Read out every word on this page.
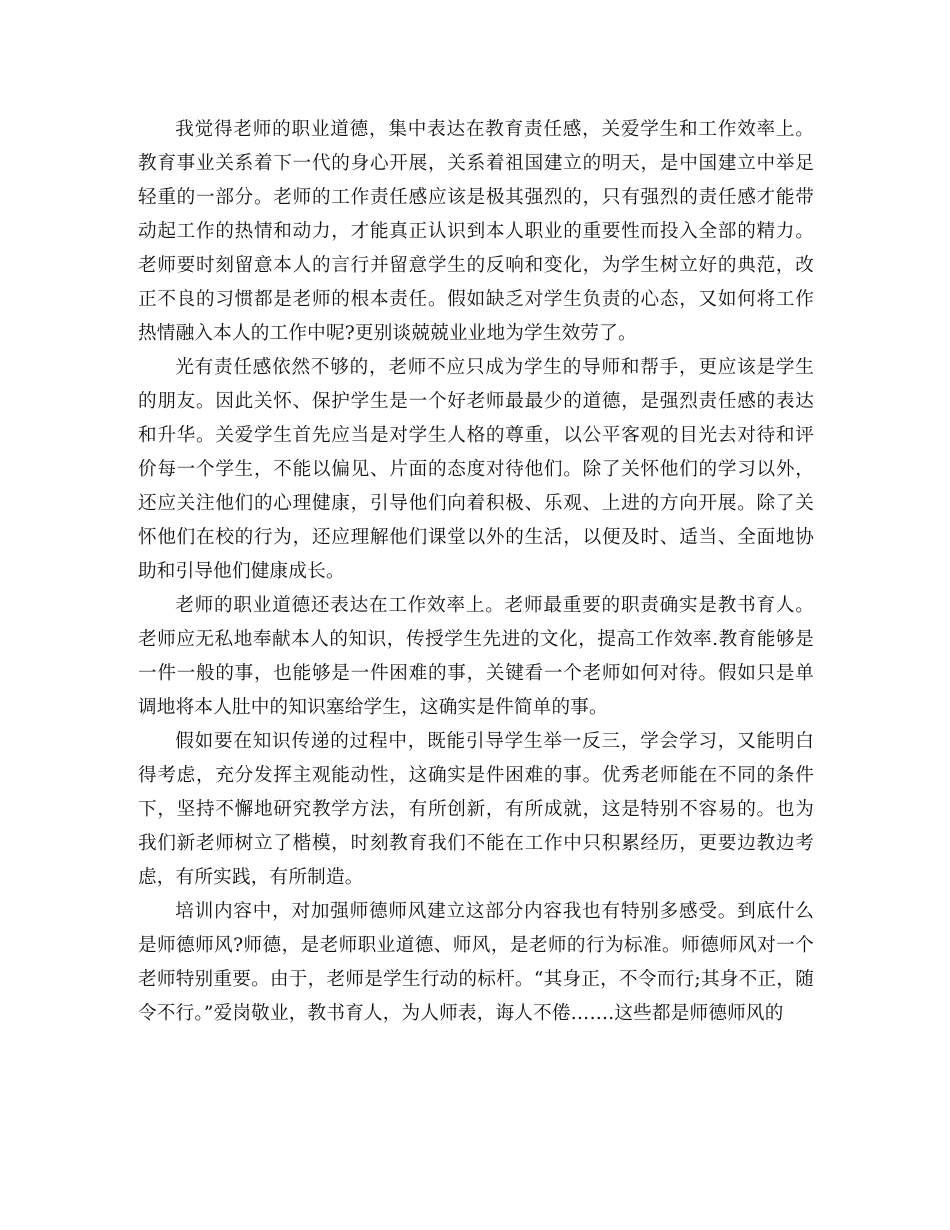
我觉得老师的职业道德，集中表达在教育责任感，关爱学生和工作效率上。教育事业关系着下一代的身心开展，关系着祖国建立的明天，是中国建立中举足轻重的一部分。老师的工作责任感应该是极其强烈的，只有强烈的责任感才能带动起工作的热情和动力，才能真正认识到本人职业的重要性而投入全部的精力。老师要时刻留意本人的言行并留意学生的反响和变化，为学生树立好的典范，改正不良的习惯都是老师的根本责任。假如缺乏对学生负责的心态，又如何将工作热情融入本人的工作中呢?更别谈兢兢业业地为学生效劳了。

光有责任感依然不够的，老师不应只成为学生的导师和帮手，更应该是学生的朋友。因此关怀、保护学生是一个好老师最最少的道德，是强烈责任感的表达和升华。关爱学生首先应当是对学生人格的尊重，以公平客观的目光去对待和评价每一个学生，不能以偏见、片面的态度对待他们。除了关怀他们的学习以外，还应关注他们的心理健康，引导他们向着积极、乐观、上进的方向开展。除了关怀他们在校的行为，还应理解他们课堂以外的生活，以便及时、适当、全面地协助和引导他们健康成长。

老师的职业道德还表达在工作效率上。老师最重要的职责确实是教书育人。老师应无私地奉献本人的知识，传授学生先进的文化，提高工作效率.教育能够是一件一般的事，也能够是一件困难的事，关键看一个老师如何对待。假如只是单调地将本人肚中的知识塞给学生，这确实是件简单的事。

假如要在知识传递的过程中，既能引导学生举一反三，学会学习，又能明白得考虑，充分发挥主观能动性，这确实是件困难的事。优秀老师能在不同的条件下，坚持不懈地研究教学方法，有所创新，有所成就，这是特别不容易的。也为我们新老师树立了楷模，时刻教育我们不能在工作中只积累经历，更要边教边考虑，有所实践，有所制造。

培训内容中，对加强师德师风建立这部分内容我也有特别多感受。到底什么是师德师风?师德，是老师职业道德、师风，是老师的行为标准。师德师风对一个老师特别重要。由于，老师是学生行动的标杆。“其身正，不令而行;其身不正，随令不行。”爱岗敬业，教书育人，为人师表，诲人不倦…….这些都是师德师风的
